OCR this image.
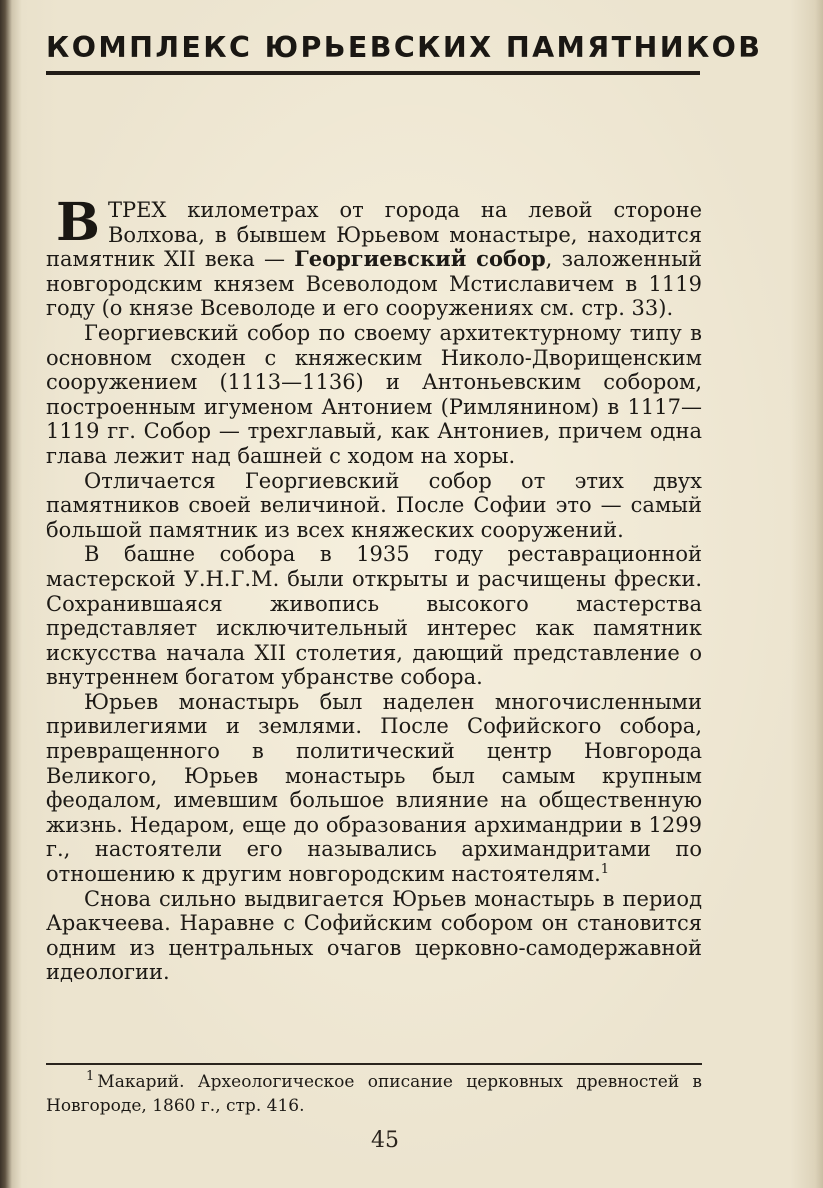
КОМПЛЕКС ЮРЬЕВСКИХ ПАМЯТНИКОВ

ВТРЕХ километрах от города на левой стороне Волхова, в бывшем Юрьевом монастыре, находится памятник XII века — Георгиевский собор, заложенный новгородским князем Всеволодом Мстиславичем в 1119 году (о князе Всеволоде и его сооружениях см. стр. 33).

Георгиевский собор по своему архитектурному типу в основном сходен с княжеским Николо-Дворищенским сооружением (1113—1136) и Антоньевским собором, построенным игуменом Антонием (Римлянином) в 1117—1119 гг. Собор — трехглавый, как Антониев, причем одна глава лежит над башней с ходом на хоры.

Отличается Георгиевский собор от этих двух памятников своей величиной. После Софии это — самый большой памятник из всех княжеских сооружений.

В башне собора в 1935 году реставрационной мастерской У.Н.Г.М. были открыты и расчищены фрески. Сохранившаяся живопись высокого мастерства представляет исключительный интерес как памятник искусства начала XII столетия, дающий представление о внутреннем богатом убранстве собора.

Юрьев монастырь был наделен многочисленными привилегиями и землями. После Софийского собора, превращенного в политический центр Новгорода Великого, Юрьев монастырь был самым крупным феодалом, имевшим большое влияние на общественную жизнь. Недаром, еще до образования архимандрии в 1299 г., настоятели его назывались архимандритами по отношению к другим новгородским настоятелям.$^1$

Снова сильно выдвигается Юрьев монастырь в период Аракчеева. Наравне с Софийским собором он становится одним из центральных очагов церковно-самодержавной идеологии.

$^1$ Макарий. Археологическое описание церковных древностей в Новгороде, 1860 г., стр. 416.

45
